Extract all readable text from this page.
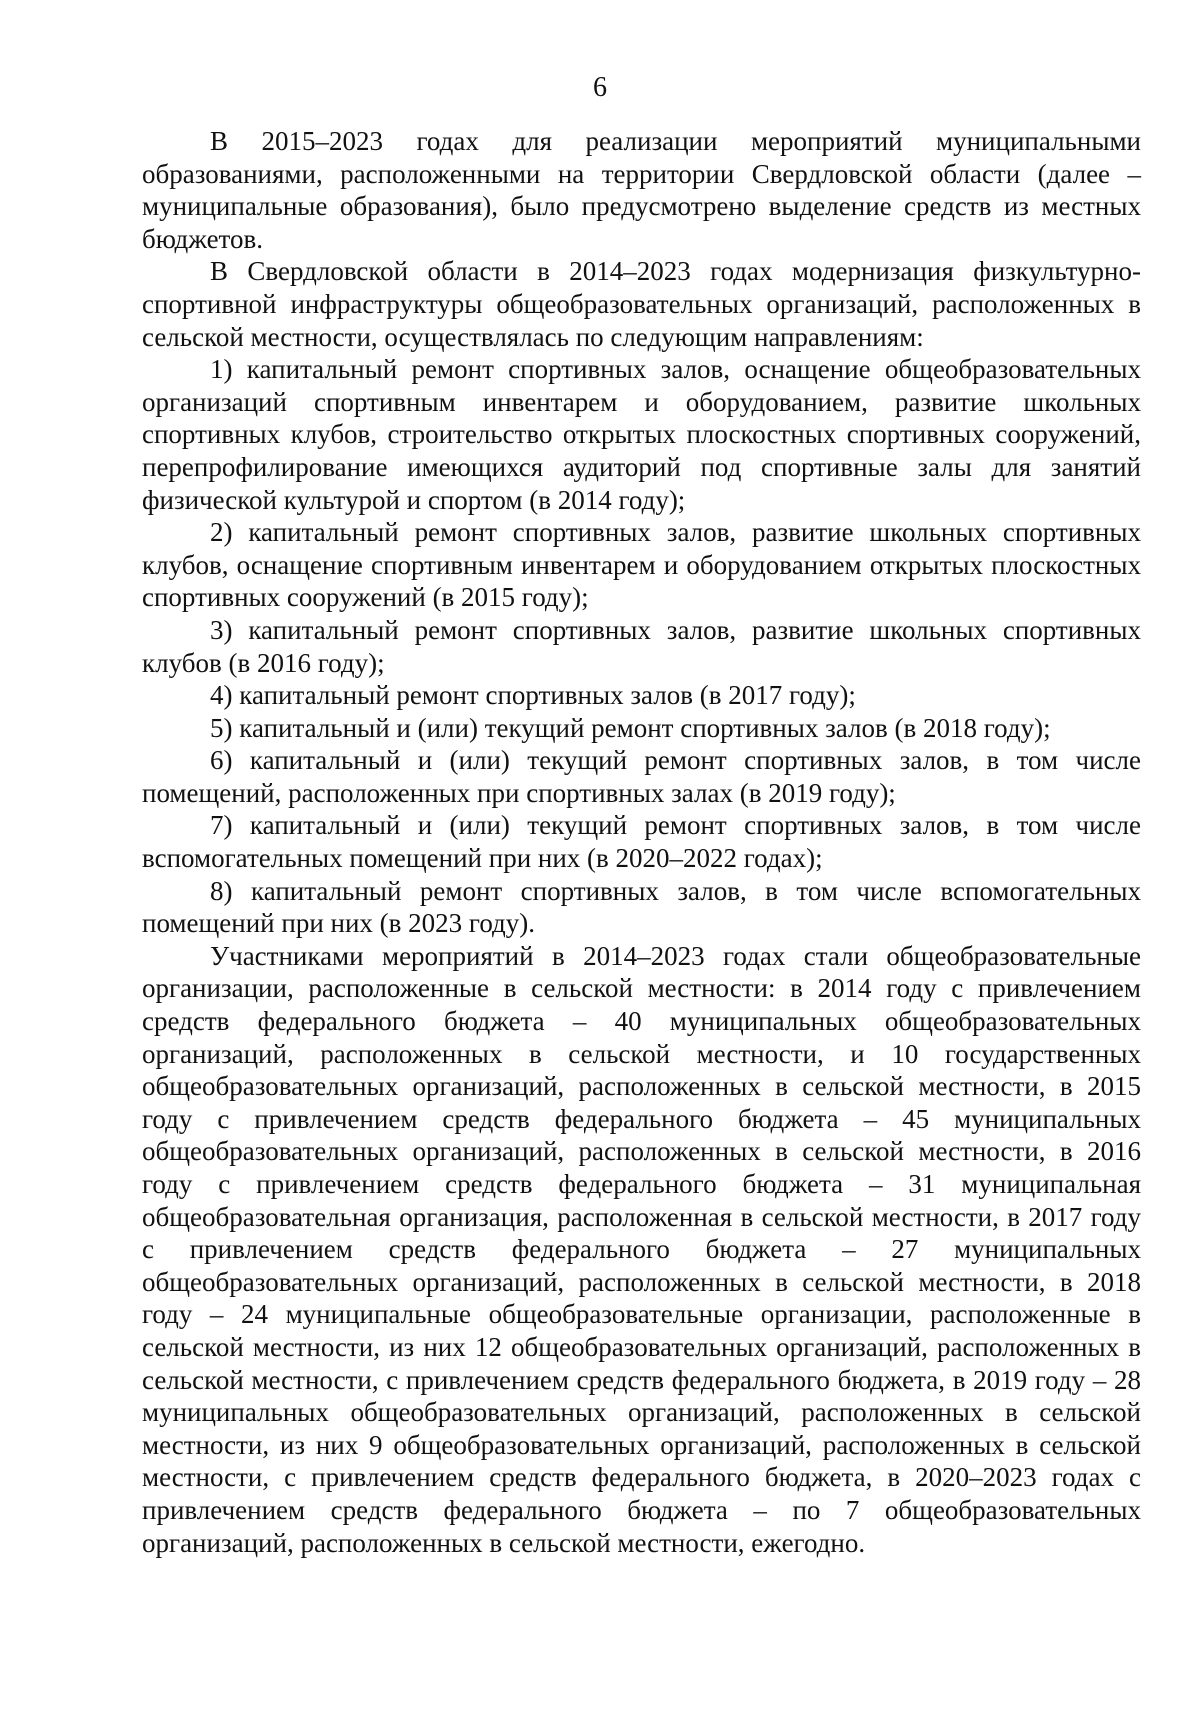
6

В 2015–2023 годах для реализации мероприятий муниципальными образованиями, расположенными на территории Свердловской области (далее – муниципальные образования), было предусмотрено выделение средств из местных бюджетов.

В Свердловской области в 2014–2023 годах модернизация физкультурно-спортивной инфраструктуры общеобразовательных организаций, расположенных в сельской местности, осуществлялась по следующим направлениям:

1) капитальный ремонт спортивных залов, оснащение общеобразовательных организаций спортивным инвентарем и оборудованием, развитие школьных спортивных клубов, строительство открытых плоскостных спортивных сооружений, перепрофилирование имеющихся аудиторий под спортивные залы для занятий физической культурой и спортом (в 2014 году);

2) капитальный ремонт спортивных залов, развитие школьных спортивных клубов, оснащение спортивным инвентарем и оборудованием открытых плоскостных спортивных сооружений (в 2015 году);

3) капитальный ремонт спортивных залов, развитие школьных спортивных клубов (в 2016 году);

4) капитальный ремонт спортивных залов (в 2017 году);

5) капитальный и (или) текущий ремонт спортивных залов (в 2018 году);

6) капитальный и (или) текущий ремонт спортивных залов, в том числе помещений, расположенных при спортивных залах (в 2019 году);

7) капитальный и (или) текущий ремонт спортивных залов, в том числе вспомогательных помещений при них (в 2020–2022 годах);

8) капитальный ремонт спортивных залов, в том числе вспомогательных помещений при них (в 2023 году).

Участниками мероприятий в 2014–2023 годах стали общеобразовательные организации, расположенные в сельской местности: в 2014 году с привлечением средств федерального бюджета – 40 муниципальных общеобразовательных организаций, расположенных в сельской местности, и 10 государственных общеобразовательных организаций, расположенных в сельской местности, в 2015 году с привлечением средств федерального бюджета – 45 муниципальных общеобразовательных организаций, расположенных в сельской местности, в 2016 году с привлечением средств федерального бюджета – 31 муниципальная общеобразовательная организация, расположенная в сельской местности, в 2017 году с привлечением средств федерального бюджета – 27 муниципальных общеобразовательных организаций, расположенных в сельской местности, в 2018 году – 24 муниципальные общеобразовательные организации, расположенные в сельской местности, из них 12 общеобразовательных организаций, расположенных в сельской местности, с привлечением средств федерального бюджета, в 2019 году – 28 муниципальных общеобразовательных организаций, расположенных в сельской местности, из них 9 общеобразовательных организаций, расположенных в сельской местности, с привлечением средств федерального бюджета, в 2020–2023 годах с привлечением средств федерального бюджета – по 7 общеобразовательных организаций, расположенных в сельской местности, ежегодно.
